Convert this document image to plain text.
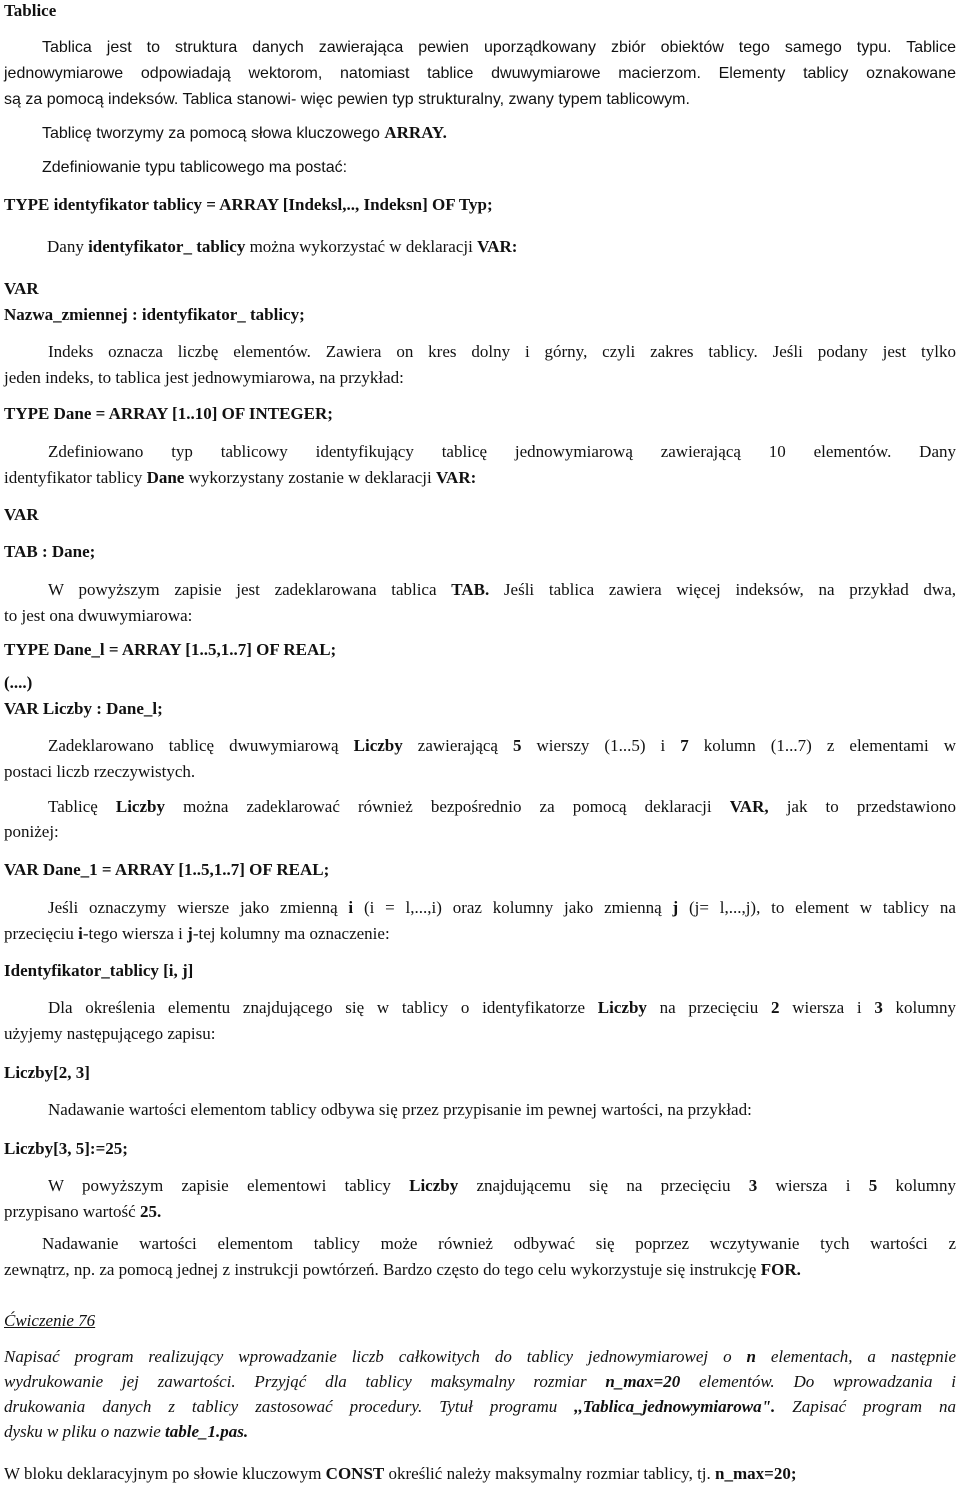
Tablice
Tablica jest to struktura danych zawierająca pewien uporządkowany zbiór obiektów tego samego typu. Tablice
jednowymiarowe odpowiadają wektorom, natomiast tablice dwuwymiarowe macierzom. Elementy tablicy oznakowane
są za pomocą indeksów. Tablica stanowi- więc pewien typ strukturalny, zwany typem tablicowym.
Tablicę tworzymy za pomocą słowa kluczowego ARRAY.
Zdefiniowanie typu tablicowego ma postać:
TYPE identyfikator tablicy = ARRAY [Indeksl,.., Indeksn] OF Typ;
Dany identyfikator_ tablicy można wykorzystać w deklaracji VAR:
VAR
Nazwa_zmiennej : identyfikator_ tablicy;
Indeks oznacza liczbę elementów. Zawiera on kres dolny i górny, czyli zakres tablicy. Jeśli podany jest tylko
jeden indeks, to tablica jest jednowymiarowa, na przykład:
TYPE Dane = ARRAY [1..10] OF INTEGER;
Zdefiniowano typ tablicowy identyfikujący tablicę jednowymiarową zawierającą 10 elementów. Dany
identyfikator tablicy Dane wykorzystany zostanie w deklaracji VAR:
VAR
TAB : Dane;
W powyższym zapisie jest zadeklarowana tablica TAB. Jeśli tablica zawiera więcej indeksów, na przykład dwa,
to jest ona dwuwymiarowa:
TYPE Dane_l = ARRAY [1..5,1..7] OF REAL;
(....)
VAR Liczby : Dane_l;
Zadeklarowano tablicę dwuwymiarową Liczby zawierającą 5 wierszy (1...5) i 7 kolumn (1...7) z elementami w
postaci liczb rzeczywistych.
Tablicę Liczby można zadeklarować również bezpośrednio za pomocą deklaracji VAR, jak to przedstawiono
poniżej:
VAR Dane_1 = ARRAY [1..5,1..7] OF REAL;
Jeśli oznaczymy wiersze jako zmienną i (i = l,...,i) oraz kolumny jako zmienną j (j= l,...,j), to element w tablicy na
przecięciu i-tego wiersza i j-tej kolumny ma oznaczenie:
Identyfikator_tablicy [i, j]
Dla określenia elementu znajdującego się w tablicy o identyfikatorze Liczby na przecięciu 2 wiersza i 3 kolumny
użyjemy następującego zapisu:
Liczby[2, 3]
Nadawanie wartości elementom tablicy odbywa się przez przypisanie im pewnej wartości, na przykład:
Liczby[3, 5]:=25;
W powyższym zapisie elementowi tablicy Liczby znajdującemu się na przecięciu 3 wiersza i 5 kolumny
przypisano wartość 25.
Nadawanie wartości elementom tablicy może również odbywać się poprzez wczytywanie tych wartości z
zewnątrz, np. za pomocą jednej z instrukcji powtórzeń. Bardzo często do tego celu wykorzystuje się instrukcję FOR.
Ćwiczenie 76
Napisać program realizujący wprowadzanie liczb całkowitych do tablicy jednowymiarowej o n elementach, a następnie
wydrukowanie jej zawartości. Przyjąć dla tablicy maksymalny rozmiar n_max=20 elementów. Do wprowadzania i
drukowania danych z tablicy zastosować procedury. Tytuł programu ,,Tablica_jednowymiarowa". Zapisać program na
dysku w pliku o nazwie table_1.pas.
W bloku deklaracyjnym po słowie kluczowym CONST określić należy maksymalny rozmiar tablicy, tj. n_max=20;
